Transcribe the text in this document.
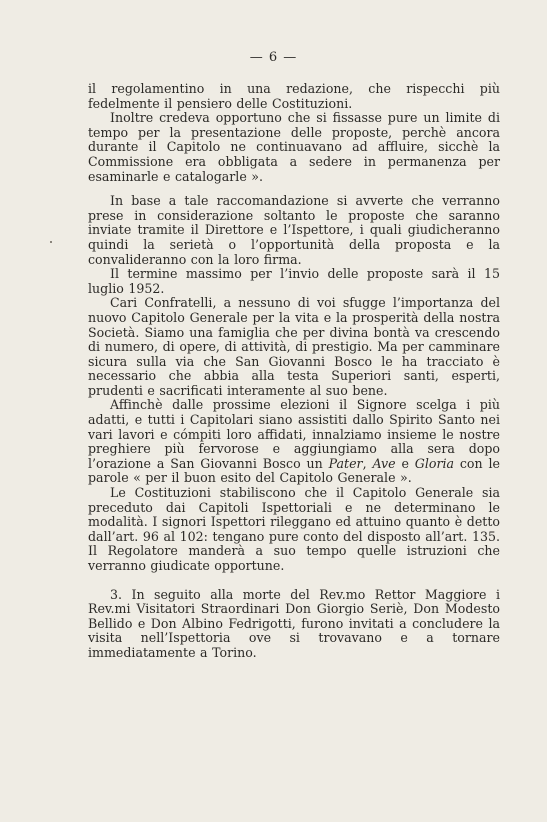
— 6 —

il regolamentino in una redazione, che rispecchi più fedelmente il pensiero delle Costituzioni.

Inoltre credeva opportuno che si fissasse pure un limite di tempo per la presentazione delle proposte, perchè ancora durante il Capitolo ne continuavano ad affluire, sicchè la Commissione era obbligata a sedere in permanenza per esaminarle e catalogarle ».

In base a tale raccomandazione si avverte che verranno prese in considerazione soltanto le proposte che saranno inviate tramite il Direttore e l’Ispettore, i quali giudicheranno quindi la serietà o l’opportunità della proposta e la convalideranno con la loro firma.

Il termine massimo per l’invio delle proposte sarà il 15 luglio 1952.

Cari Confratelli, a nessuno di voi sfugge l’importanza del nuovo Capitolo Generale per la vita e la prosperità della nostra Società. Siamo una famiglia che per divina bontà va crescendo di numero, di opere, di attività, di prestigio. Ma per camminare sicura sulla via che San Giovanni Bosco le ha tracciato è necessario che abbia alla testa Superiori santi, esperti, prudenti e sacrificati interamente al suo bene.

Affinchè dalle prossime elezioni il Signore scelga i più adatti, e tutti i Capitolari siano assistiti dallo Spirito Santo nei vari lavori e cómpiti loro affidati, innalziamo insieme le nostre preghiere più fervorose e aggiungiamo alla sera dopo l’orazione a San Giovanni Bosco un Pater, Ave e Gloria con le parole « per il buon esito del Capitolo Generale ».

Le Costituzioni stabiliscono che il Capitolo Generale sia preceduto dai Capitoli Ispettoriali e ne determinano le modalità. I signori Ispettori rileggano ed attuino quanto è detto dall’art. 96 al 102: tengano pure conto del disposto all’art. 135. Il Regolatore manderà a suo tempo quelle istruzioni che verranno giudicate opportune.

3. In seguito alla morte del Rev.mo Rettor Maggiore i Rev.mi Visitatori Straordinari Don Giorgio Seriè, Don Modesto Bellido e Don Albino Fedrigotti, furono invitati a concludere la visita nell’Ispettoria ove si trovavano e a tornare immediatamente a Torino.
